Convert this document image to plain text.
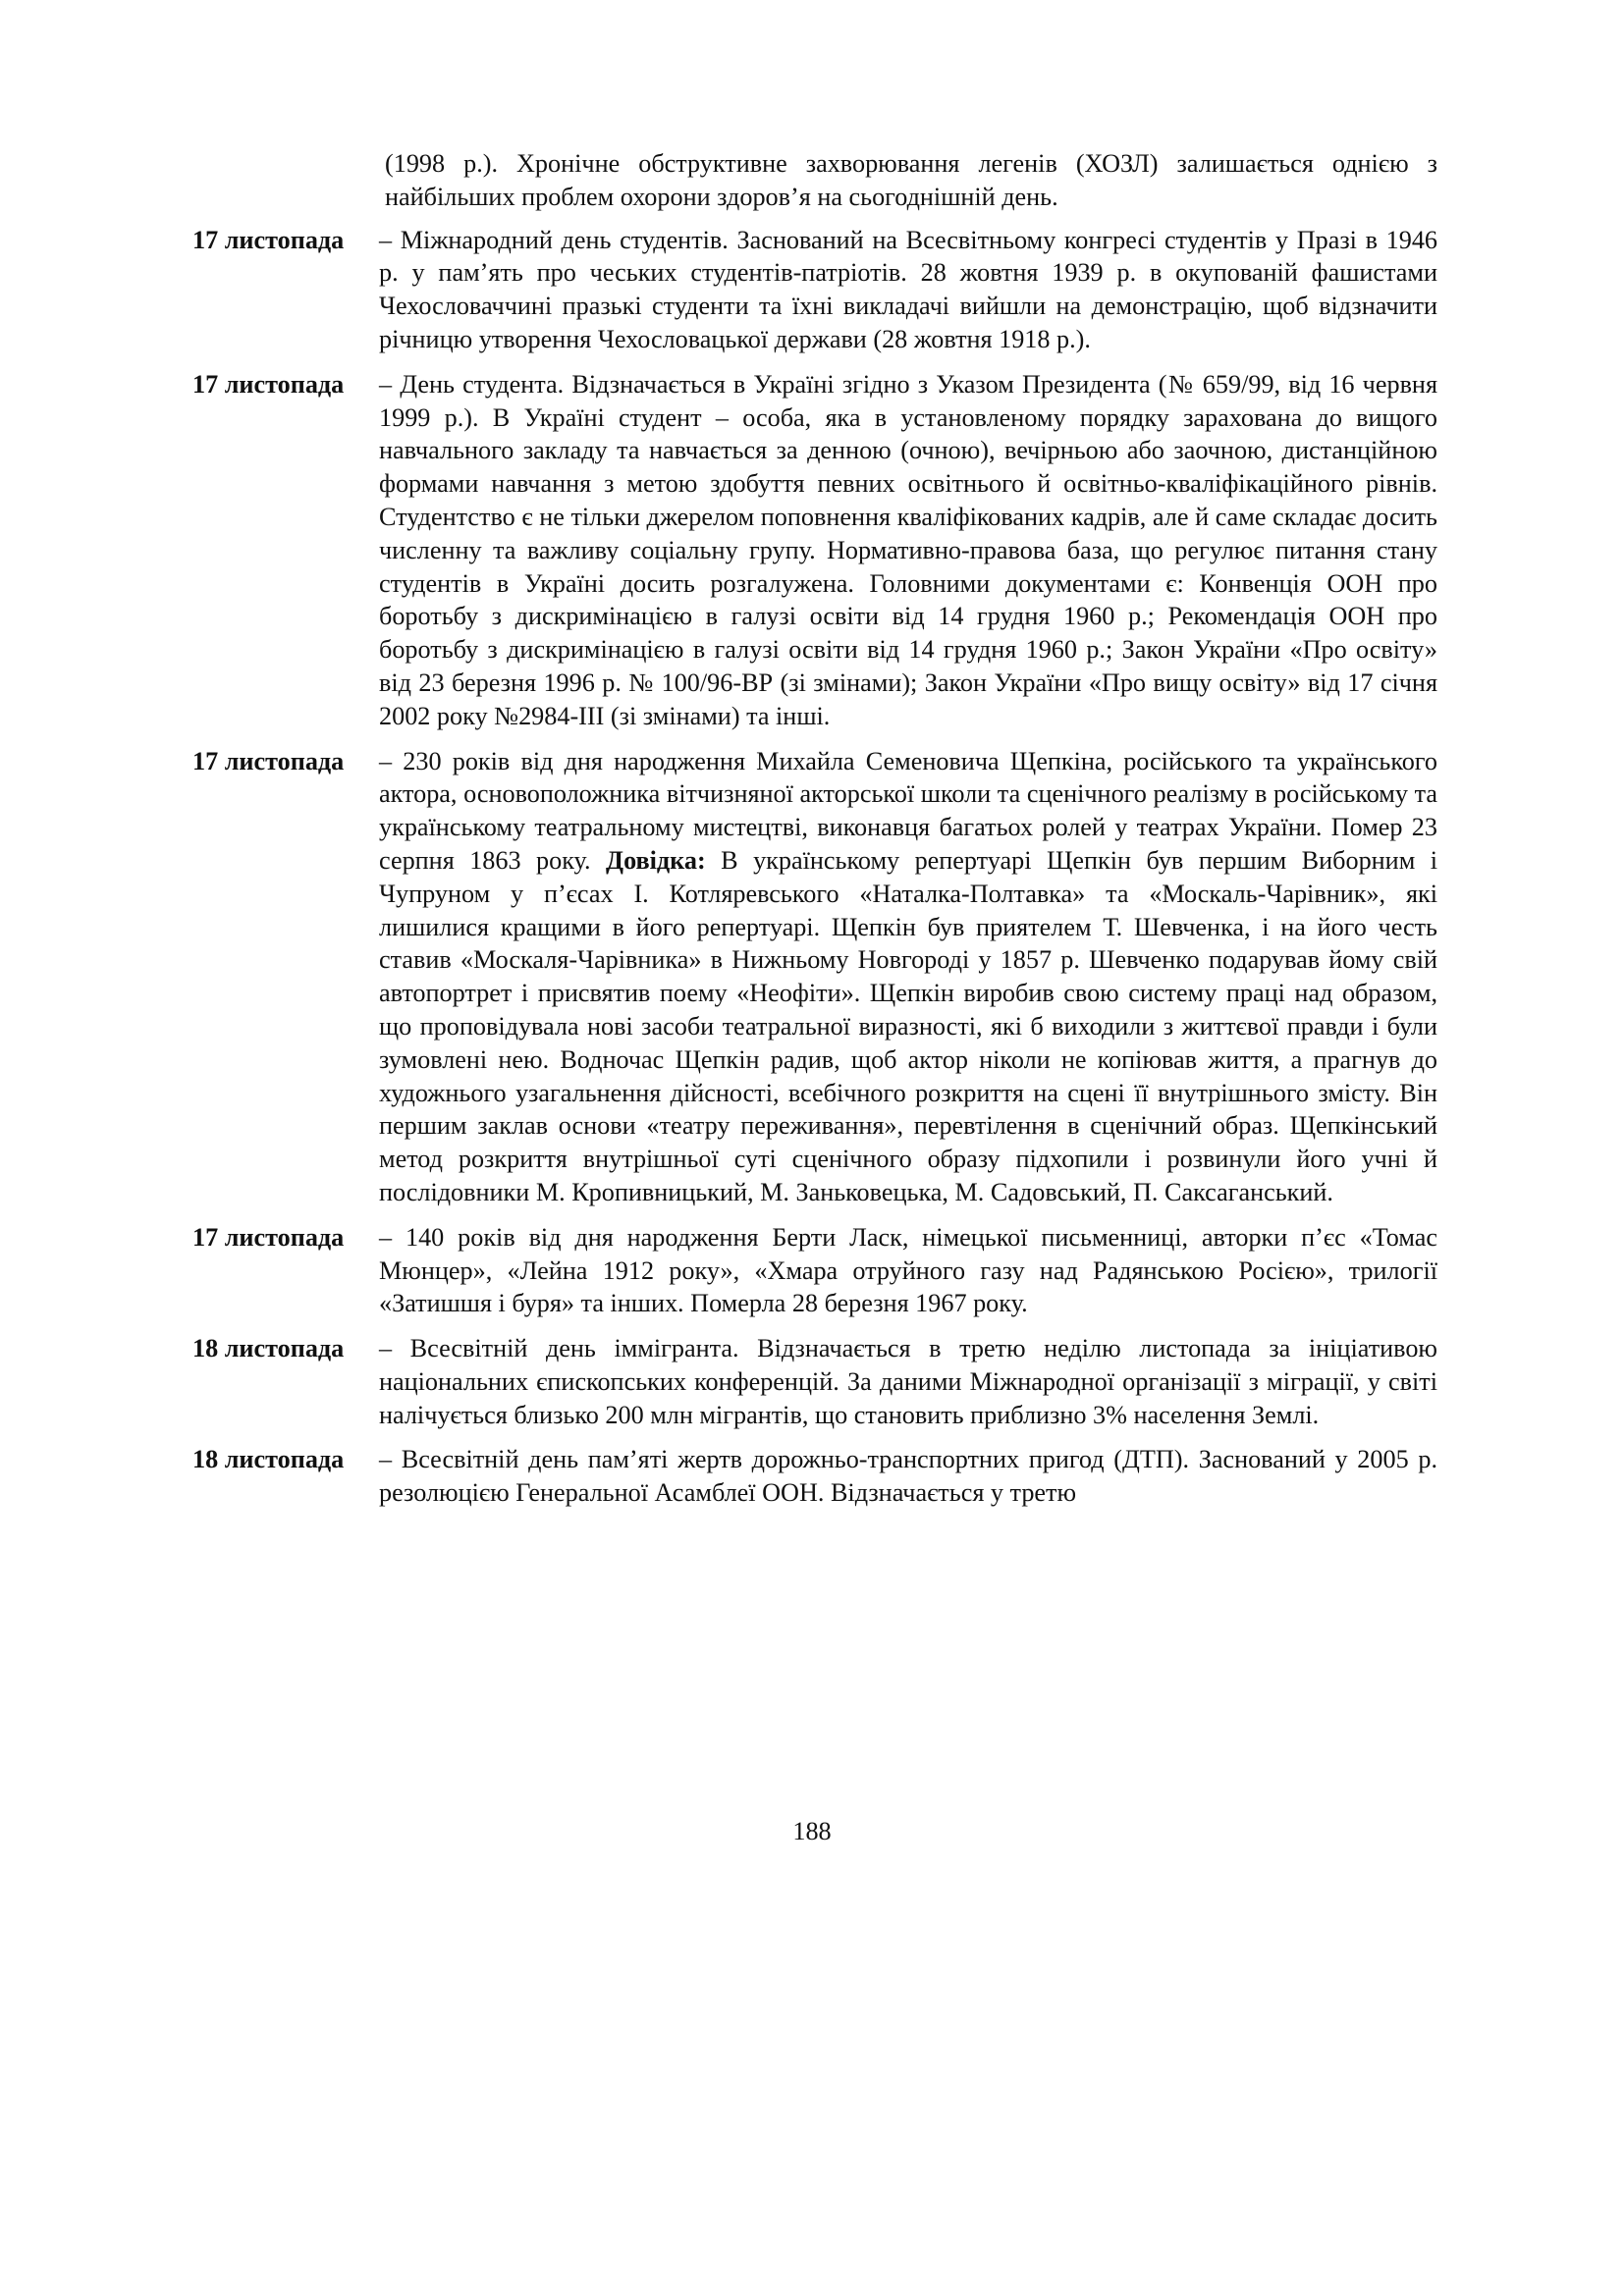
(1998 р.). Хронічне обструктивне захворювання легенів (ХОЗЛ) залишається однією з найбільших проблем охорони здоров’я на сьогоднішній день.
17 листопада	– Міжнародний день студентів. Заснований на Всесвітньому конгресі студентів у Празі в 1946 р. у пам’ять про чеських студентів-патріотів. 28 жовтня 1939 р. в окупованій фашистами Чехословаччині празькі студенти та їхні викладачі вийшли на демонстрацію, щоб відзначити річницю утворення Чехословацької держави (28 жовтня 1918 р.).
17 листопада	– День студента. Відзначається в Україні згідно з Указом Президента (№ 659/99, від 16 червня 1999 р.). В Україні студент – особа, яка в установленому порядку зарахована до вищого навчального закладу та навчається за денною (очною), вечірньою або заочною, дистанційною формами навчання з метою здобуття певних освітнього й освітньо-кваліфікаційного рівнів. Студентство є не тільки джерелом поповнення кваліфікованих кадрів, але й саме складає досить численну та важливу соціальну групу. Нормативно-правова база, що регулює питання стану студентів в Україні досить розгалужена. Головними документами є: Конвенція ООН про боротьбу з дискримінацією в галузі освіти від 14 грудня 1960 р.; Рекомендація ООН про боротьбу з дискримінацією в галузі освіти від 14 грудня 1960 р.; Закон України «Про освіту» від 23 березня 1996 р. № 100/96-ВР (зі змінами); Закон України «Про вищу освіту» від 17 січня 2002 року №2984-III (зі змінами) та інші.
17 листопада	– 230 років від дня народження Михайла Семеновича Щепкіна, російського та українського актора, основоположника вітчизняної акторської школи та сценічного реалізму в російському та українському театральному мистецтві, виконавця багатьох ролей у театрах України. Помер 23 серпня 1863 року. Довідка: В українському репертуарі Щепкін був першим Виборним і Чупруном у п’єсах І. Котляревського «Наталка-Полтавка» та «Москаль-Чарівник», які лишилися кращими в його репертуарі. Щепкін був приятелем Т. Шевченка, і на його честь ставив «Москаля-Чарівника» в Нижньому Новгороді у 1857 р. Шевченко подарував йому свій автопортрет і присвятив поему «Неофіти». Щепкін виробив свою систему праці над образом, що проповідувала нові засоби театральної виразності, які б виходили з життєвої правди і були зумовлені нею. Водночас Щепкін радив, щоб актор ніколи не копіював життя, а прагнув до художнього узагальнення дійсності, всебічного розкриття на сцені її внутрішнього змісту. Він першим заклав основи «театру переживання», перевтілення в сценічний образ. Щепкінський метод розкриття внутрішньої суті сценічного образу підхопили і розвинули його учні й послідовники М. Кропивницький, М. Заньковецька, М. Садовський, П. Саксаганський.
17 листопада	– 140 років від дня народження Берти Ласк, німецької письменниці, авторки п’єс «Томас Мюнцер», «Лейна 1912 року», «Хмара отруйного газу над Радянською Росією», трилогії «Затишшя і буря» та інших. Померла 28 березня 1967 року.
18 листопада	– Всесвітній день іммігранта. Відзначається в третю неділю листопада за ініціативою національних єпископських конференцій. За даними Міжнародної організації з міграції, у світі налічується близько 200 млн мігрантів, що становить приблизно 3% населення Землі.
18 листопада	– Всесвітній день пам’яті жертв дорожньо-транспортних пригод (ДТП). Заснований у 2005 р. резолюцією Генеральної Асамблеї ООН. Відзначається у третю
188
